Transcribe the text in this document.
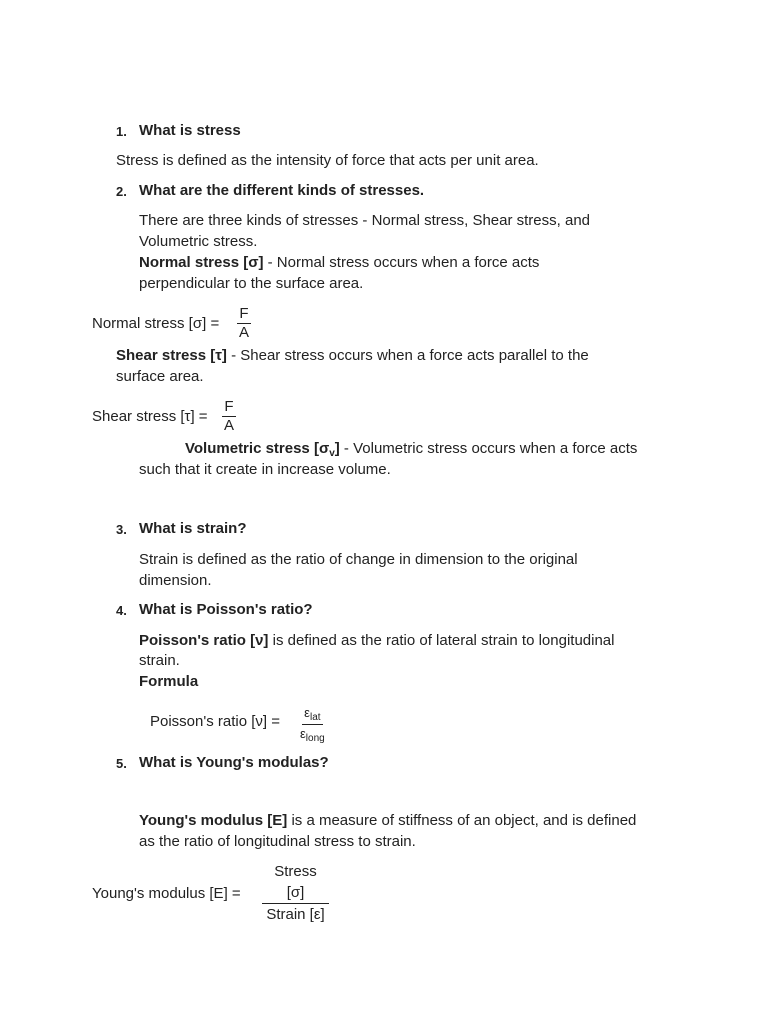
1. What is stress
Stress is defined as the intensity of force that acts per unit area.
2. What are the different kinds of stresses.
There are three kinds of stresses - Normal stress, Shear stress, and
Volumetric stress.
Normal stress [σ] - Normal stress occurs when a force acts
perpendicular to the surface area.
Normal stress $[\sigma] = \frac{F}{A}$
Shear stress [τ] - Shear stress occurs when a force acts parallel to the
surface area.
Shear stress $[\tau] = \frac{F}{A}$
Volumetric stress $[\sigma_v]$ - Volumetric stress occurs when a force acts
such that it create in increase volume.
3. What is strain?
Strain is defined as the ratio of change in dimension to the original
dimension.
4. What is Poisson's ratio?
Poisson's ratio [ν] is defined as the ratio of lateral strain to longitudinal
strain.
Formula
Poisson's ratio [ν] =
$\varepsilon_{lat}$
$\varepsilon_{long}$
5. What is Young's modulas?
Young's modulus [E] is a measure of stiffness of an object, and is defined
as the ratio of longitudinal stress to strain.
Young's modulus [E] =
Stress
[σ]
Strain [ε]
